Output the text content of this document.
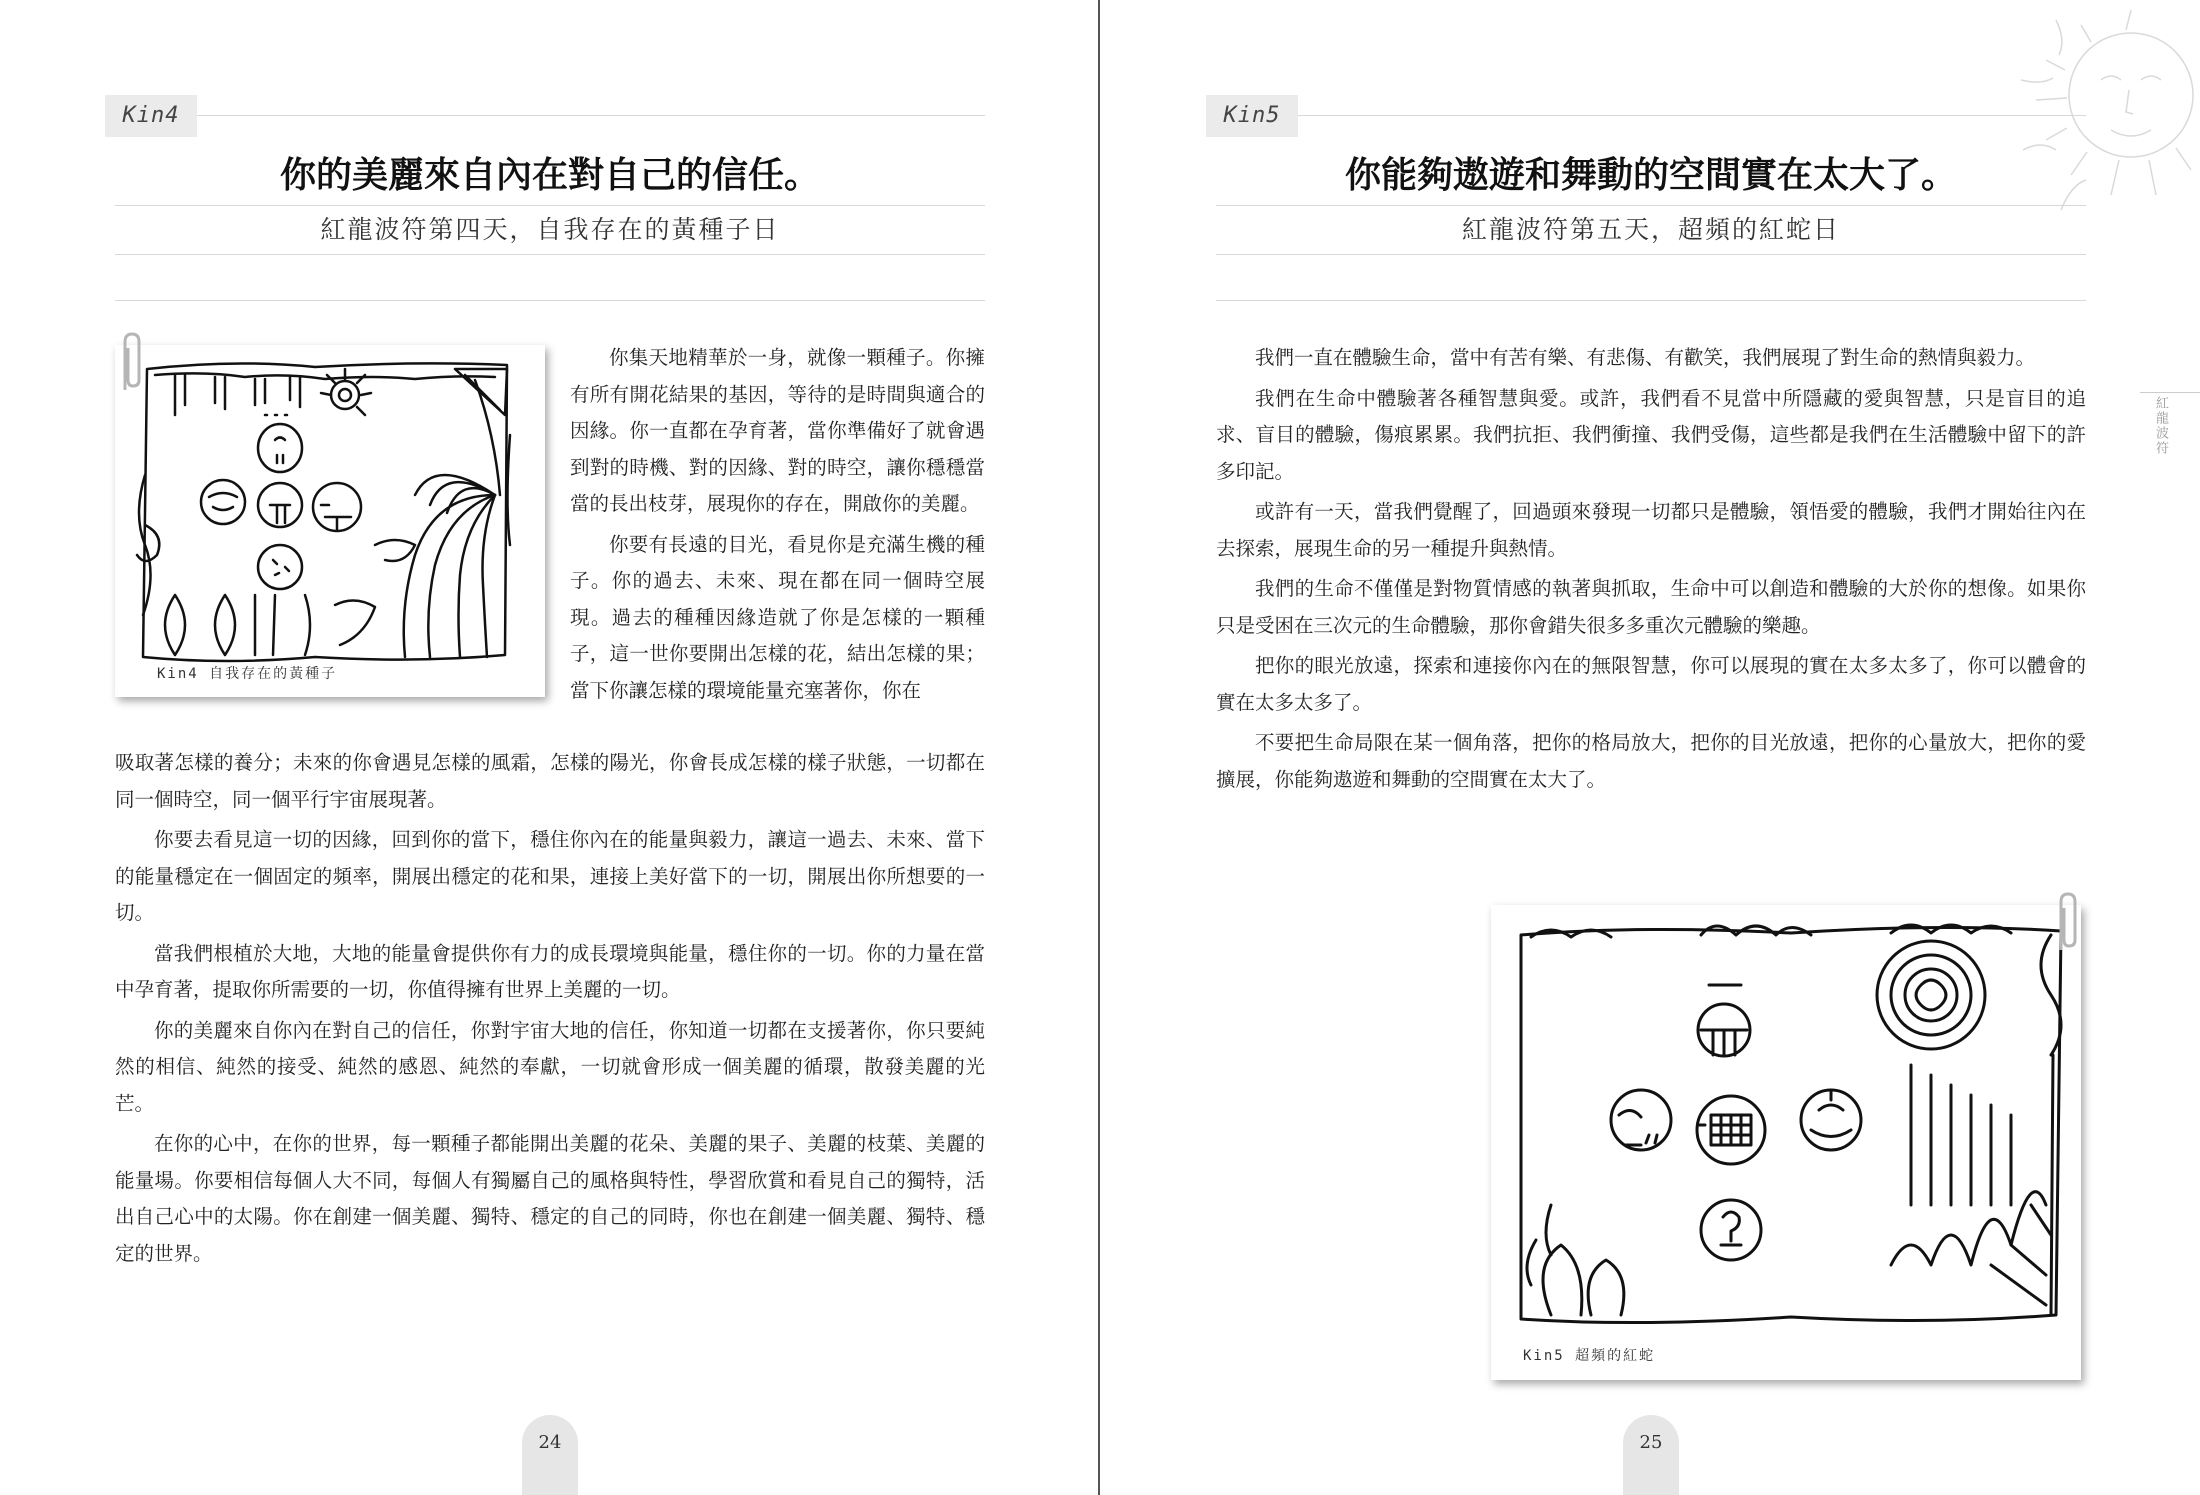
Kin4
你的美麗來自內在對自己的信任。
紅龍波符第四天，自我存在的黃種子日
Kin4 自我存在的黃種子

你集天地精華於一身，就像一顆種子。你擁有所有開花結果的基因，等待的是時間與適合的因緣。你一直都在孕育著，當你準備好了就會遇到對的時機、對的因緣、對的時空，讓你穩穩當當的長出枝芽，展現你的存在，開啟你的美麗。

你要有長遠的目光，看見你是充滿生機的種子。你的過去、未來、現在都在同一個時空展現。過去的種種因緣造就了你是怎樣的一顆種子，這一世你要開出怎樣的花，結出怎樣的果；當下你讓怎樣的環境能量充塞著你，你在

吸取著怎樣的養分；未來的你會遇見怎樣的風霜，怎樣的陽光，你會長成怎樣的樣子狀態，一切都在同一個時空，同一個平行宇宙展現著。

你要去看見這一切的因緣，回到你的當下，穩住你內在的能量與毅力，讓這一過去、未來、當下的能量穩定在一個固定的頻率，開展出穩定的花和果，連接上美好當下的一切，開展出你所想要的一切。

當我們根植於大地，大地的能量會提供你有力的成長環境與能量，穩住你的一切。你的力量在當中孕育著，提取你所需要的一切，你值得擁有世界上美麗的一切。

你的美麗來自你內在對自己的信任，你對宇宙大地的信任，你知道一切都在支援著你，你只要純然的相信、純然的接受、純然的感恩、純然的奉獻，一切就會形成一個美麗的循環，散發美麗的光芒。

在你的心中，在你的世界，每一顆種子都能開出美麗的花朵、美麗的果子、美麗的枝葉、美麗的能量場。你要相信每個人大不同，每個人有獨屬自己的風格與特性，學習欣賞和看見自己的獨特，活出自己心中的太陽。你在創建一個美麗、獨特、穩定的自己的同時，你也在創建一個美麗、獨特、穩定的世界。

24
Kin5
你能夠遨遊和舞動的空間實在太大了。
紅龍波符第五天，超頻的紅蛇日

我們一直在體驗生命，當中有苦有樂、有悲傷、有歡笑，我們展現了對生命的熱情與毅力。

我們在生命中體驗著各種智慧與愛。或許，我們看不見當中所隱藏的愛與智慧，只是盲目的追求、盲目的體驗，傷痕累累。我們抗拒、我們衝撞、我們受傷，這些都是我們在生活體驗中留下的許多印記。

或許有一天，當我們覺醒了，回過頭來發現一切都只是體驗，領悟愛的體驗，我們才開始往內在去探索，展現生命的另一種提升與熱情。

我們的生命不僅僅是對物質情感的執著與抓取，生命中可以創造和體驗的大於你的想像。如果你只是受困在三次元的生命體驗，那你會錯失很多多重次元體驗的樂趣。

把你的眼光放遠，探索和連接你內在的無限智慧，你可以展現的實在太多太多了，你可以體會的實在太多太多了。

不要把生命局限在某一個角落，把你的格局放大，把你的目光放遠，把你的心量放大，把你的愛擴展，你能夠遨遊和舞動的空間實在太大了。

紅龍波符
Kin5 超頻的紅蛇
25
